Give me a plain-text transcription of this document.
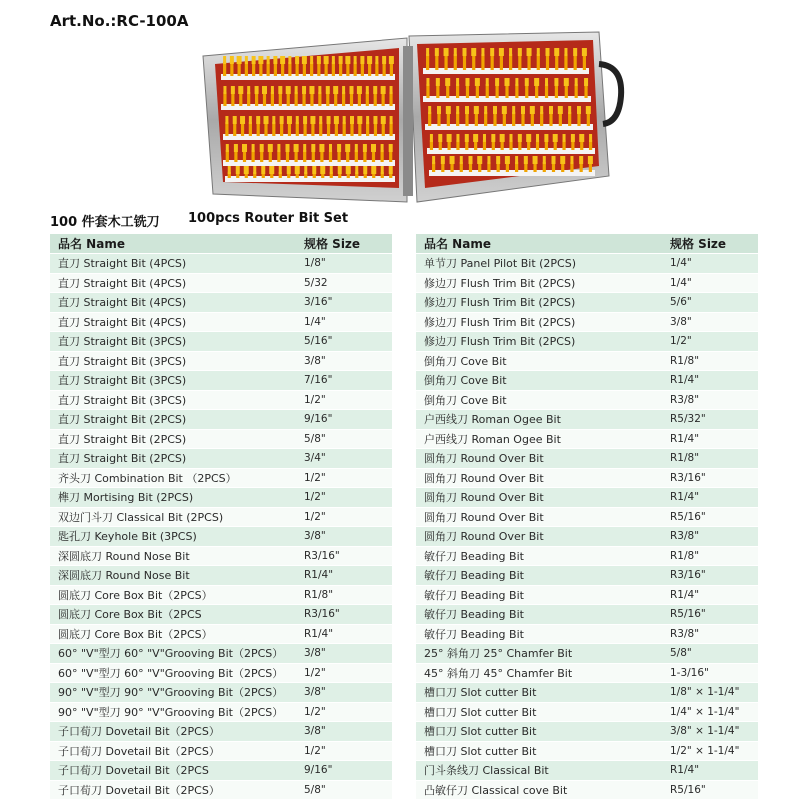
Art.No.:RC-100A
100 件套木工铣刀 100pcs Router Bit Set
品名 Name	规格 Size
直刀 Straight Bit (4PCS)	1/8"
直刀 Straight Bit (4PCS)	5/32
直刀 Straight Bit (4PCS)	3/16"
直刀 Straight Bit (4PCS)	1/4"
直刀 Straight Bit (3PCS)	5/16"
直刀 Straight Bit (3PCS)	3/8"
直刀 Straight Bit (3PCS)	7/16"
直刀 Straight Bit (3PCS)	1/2"
直刀 Straight Bit (2PCS)	9/16"
直刀 Straight Bit (2PCS)	5/8"
直刀 Straight Bit (2PCS)	3/4"
齐头刀 Combination Bit （2PCS）	1/2"
榫刀 Mortising Bit (2PCS)	1/2"
双边门斗刀 Classical Bit (2PCS)	1/2"
匙孔刀 Keyhole Bit (3PCS)	3/8"
深圆底刀 Round Nose Bit	R3/16"
深圆底刀 Round Nose Bit	R1/4"
圆底刀 Core Box Bit（2PCS）	R1/8"
圆底刀 Core Box Bit（2PCS	R3/16"
圆底刀 Core Box Bit（2PCS）	R1/4"
60° "V"型刀 60° "V"Grooving Bit（2PCS）	3/8"
60° "V"型刀 60° "V"Grooving Bit（2PCS）	1/2"
90° "V"型刀 90° "V"Grooving Bit（2PCS）	3/8"
90° "V"型刀 90° "V"Grooving Bit（2PCS）	1/2"
子口荀刀 Dovetail Bit（2PCS）	3/8"
子口荀刀 Dovetail Bit（2PCS）	1/2"
子口荀刀 Dovetail Bit（2PCS	9/16"
子口荀刀 Dovetail Bit（2PCS）	5/8"
品名 Name	规格 Size
单节刀 Panel Pilot Bit (2PCS)	1/4"
修边刀 Flush Trim Bit (2PCS)	1/4"
修边刀 Flush Trim Bit (2PCS)	5/6"
修边刀 Flush Trim Bit (2PCS)	3/8"
修边刀 Flush Trim Bit (2PCS)	1/2"
倒角刀 Cove Bit	R1/8"
倒角刀 Cove Bit	R1/4"
倒角刀 Cove Bit	R3/8"
户西线刀 Roman Ogee Bit	R5/32"
户西线刀 Roman Ogee Bit	R1/4"
圆角刀 Round Over Bit	R1/8"
圆角刀 Round Over Bit	R3/16"
圆角刀 Round Over Bit	R1/4"
圆角刀 Round Over Bit	R5/16"
圆角刀 Round Over Bit	R3/8"
敏仔刀 Beading Bit	R1/8"
敏仔刀 Beading Bit	R3/16"
敏仔刀 Beading Bit	R1/4"
敏仔刀 Beading Bit	R5/16"
敏仔刀 Beading Bit	R3/8"
25° 斜角刀 25° Chamfer Bit	5/8"
45° 斜角刀 45° Chamfer Bit	1-3/16"
槽口刀 Slot cutter Bit	1/8" × 1-1/4"
槽口刀 Slot cutter Bit	1/4" × 1-1/4"
槽口刀 Slot cutter Bit	3/8" × 1-1/4"
槽口刀 Slot cutter Bit	1/2" × 1-1/4"
门斗条线刀 Classical Bit	R1/4"
凸敏仔刀 Classical cove Bit	R5/16"
